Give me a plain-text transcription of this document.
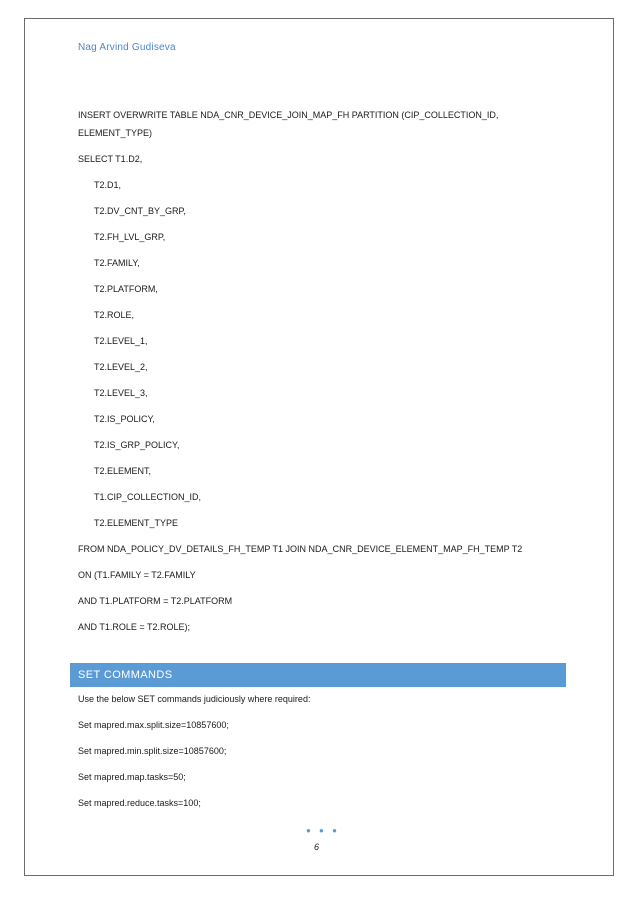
Nag Arvind Gudiseva
INSERT OVERWRITE TABLE NDA_CNR_DEVICE_JOIN_MAP_FH PARTITION (CIP_COLLECTION_ID,
ELEMENT_TYPE)
SELECT T1.D2,
T2.D1,
T2.DV_CNT_BY_GRP,
T2.FH_LVL_GRP,
T2.FAMILY,
T2.PLATFORM,
T2.ROLE,
T2.LEVEL_1,
T2.LEVEL_2,
T2.LEVEL_3,
T2.IS_POLICY,
T2.IS_GRP_POLICY,
T2.ELEMENT,
T1.CIP_COLLECTION_ID,
T2.ELEMENT_TYPE
FROM NDA_POLICY_DV_DETAILS_FH_TEMP T1 JOIN NDA_CNR_DEVICE_ELEMENT_MAP_FH_TEMP T2
ON (T1.FAMILY = T2.FAMILY
AND T1.PLATFORM = T2.PLATFORM
AND T1.ROLE = T2.ROLE);
SET COMMANDS
Use the below SET commands judiciously where required:
Set mapred.max.split.size=10857600;
Set mapred.min.split.size=10857600;
Set mapred.map.tasks=50;
Set mapred.reduce.tasks=100;
● ● ●
6
